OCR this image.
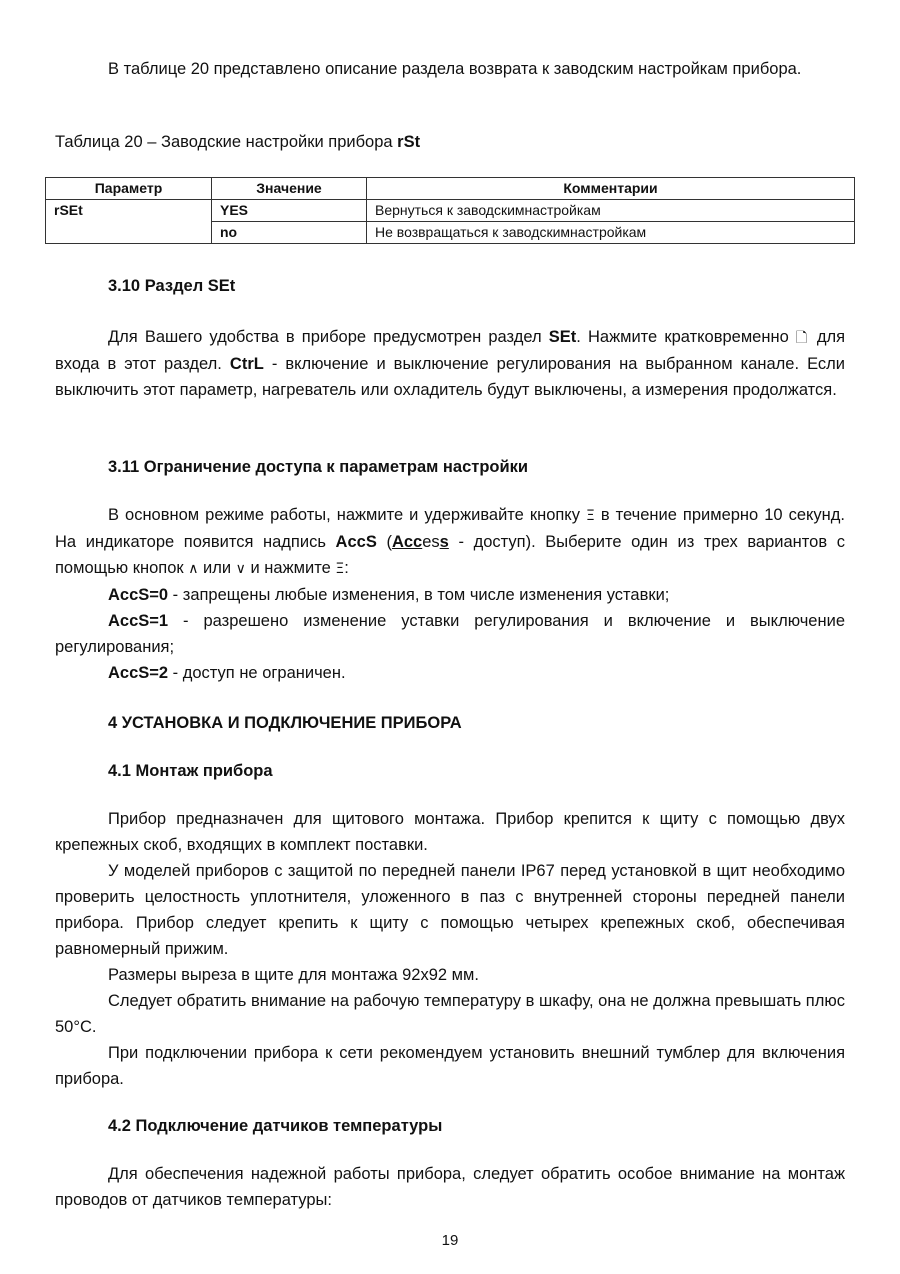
В таблице 20 представлено описание раздела возврата к заводским настройкам прибора.

Таблица 20 – Заводские настройки прибора rSt

Параметр	Значение	Комментарии
rSEt	YES	Вернуться к заводскимнастройкам
	no	Не возвращаться к заводскимнастройкам

3.10 Раздел SEt

Для Вашего удобства в приборе предусмотрен раздел SEt. Нажмите кратковременно 🗋 для входа в этот раздел. CtrL - включение и выключение регулирования на выбранном канале. Если выключить этот параметр, нагреватель или охладитель будут выключены, а измерения продолжатся.

3.11 Ограничение доступа к параметрам настройки

В основном режиме работы, нажмите и удерживайте кнопку Ξ в течение примерно 10 секунд. На индикаторе появится надпись AccS (Access - доступ). Выберите один из трех вариантов с помощью кнопок ∧ или ∨ и нажмите Ξ:

AccS=0 - запрещены любые изменения, в том числе изменения уставки;

AccS=1 - разрешено изменение уставки регулирования и включение и выключение регулирования;

AccS=2 - доступ не ограничен.

4 УСТАНОВКА И ПОДКЛЮЧЕНИЕ ПРИБОРА

4.1 Монтаж прибора

Прибор предназначен для щитового монтажа. Прибор крепится к щиту с помощью двух крепежных скоб, входящих в комплект поставки.

У моделей приборов с защитой по передней панели IP67 перед установкой в щит необходимо проверить целостность уплотнителя, уложенного в паз с внутренней стороны передней панели прибора. Прибор следует крепить к щиту с помощью четырех крепежных скоб, обеспечивая равномерный прижим.

Размеры выреза в щите для монтажа 92х92 мм.

Следует обратить внимание на рабочую температуру в шкафу, она не должна превышать плюс 50°С.

При подключении прибора к сети рекомендуем установить внешний тумблер для включения прибора.

4.2 Подключение датчиков температуры

Для обеспечения надежной работы прибора, следует обратить особое внимание на монтаж проводов от датчиков температуры:

19
